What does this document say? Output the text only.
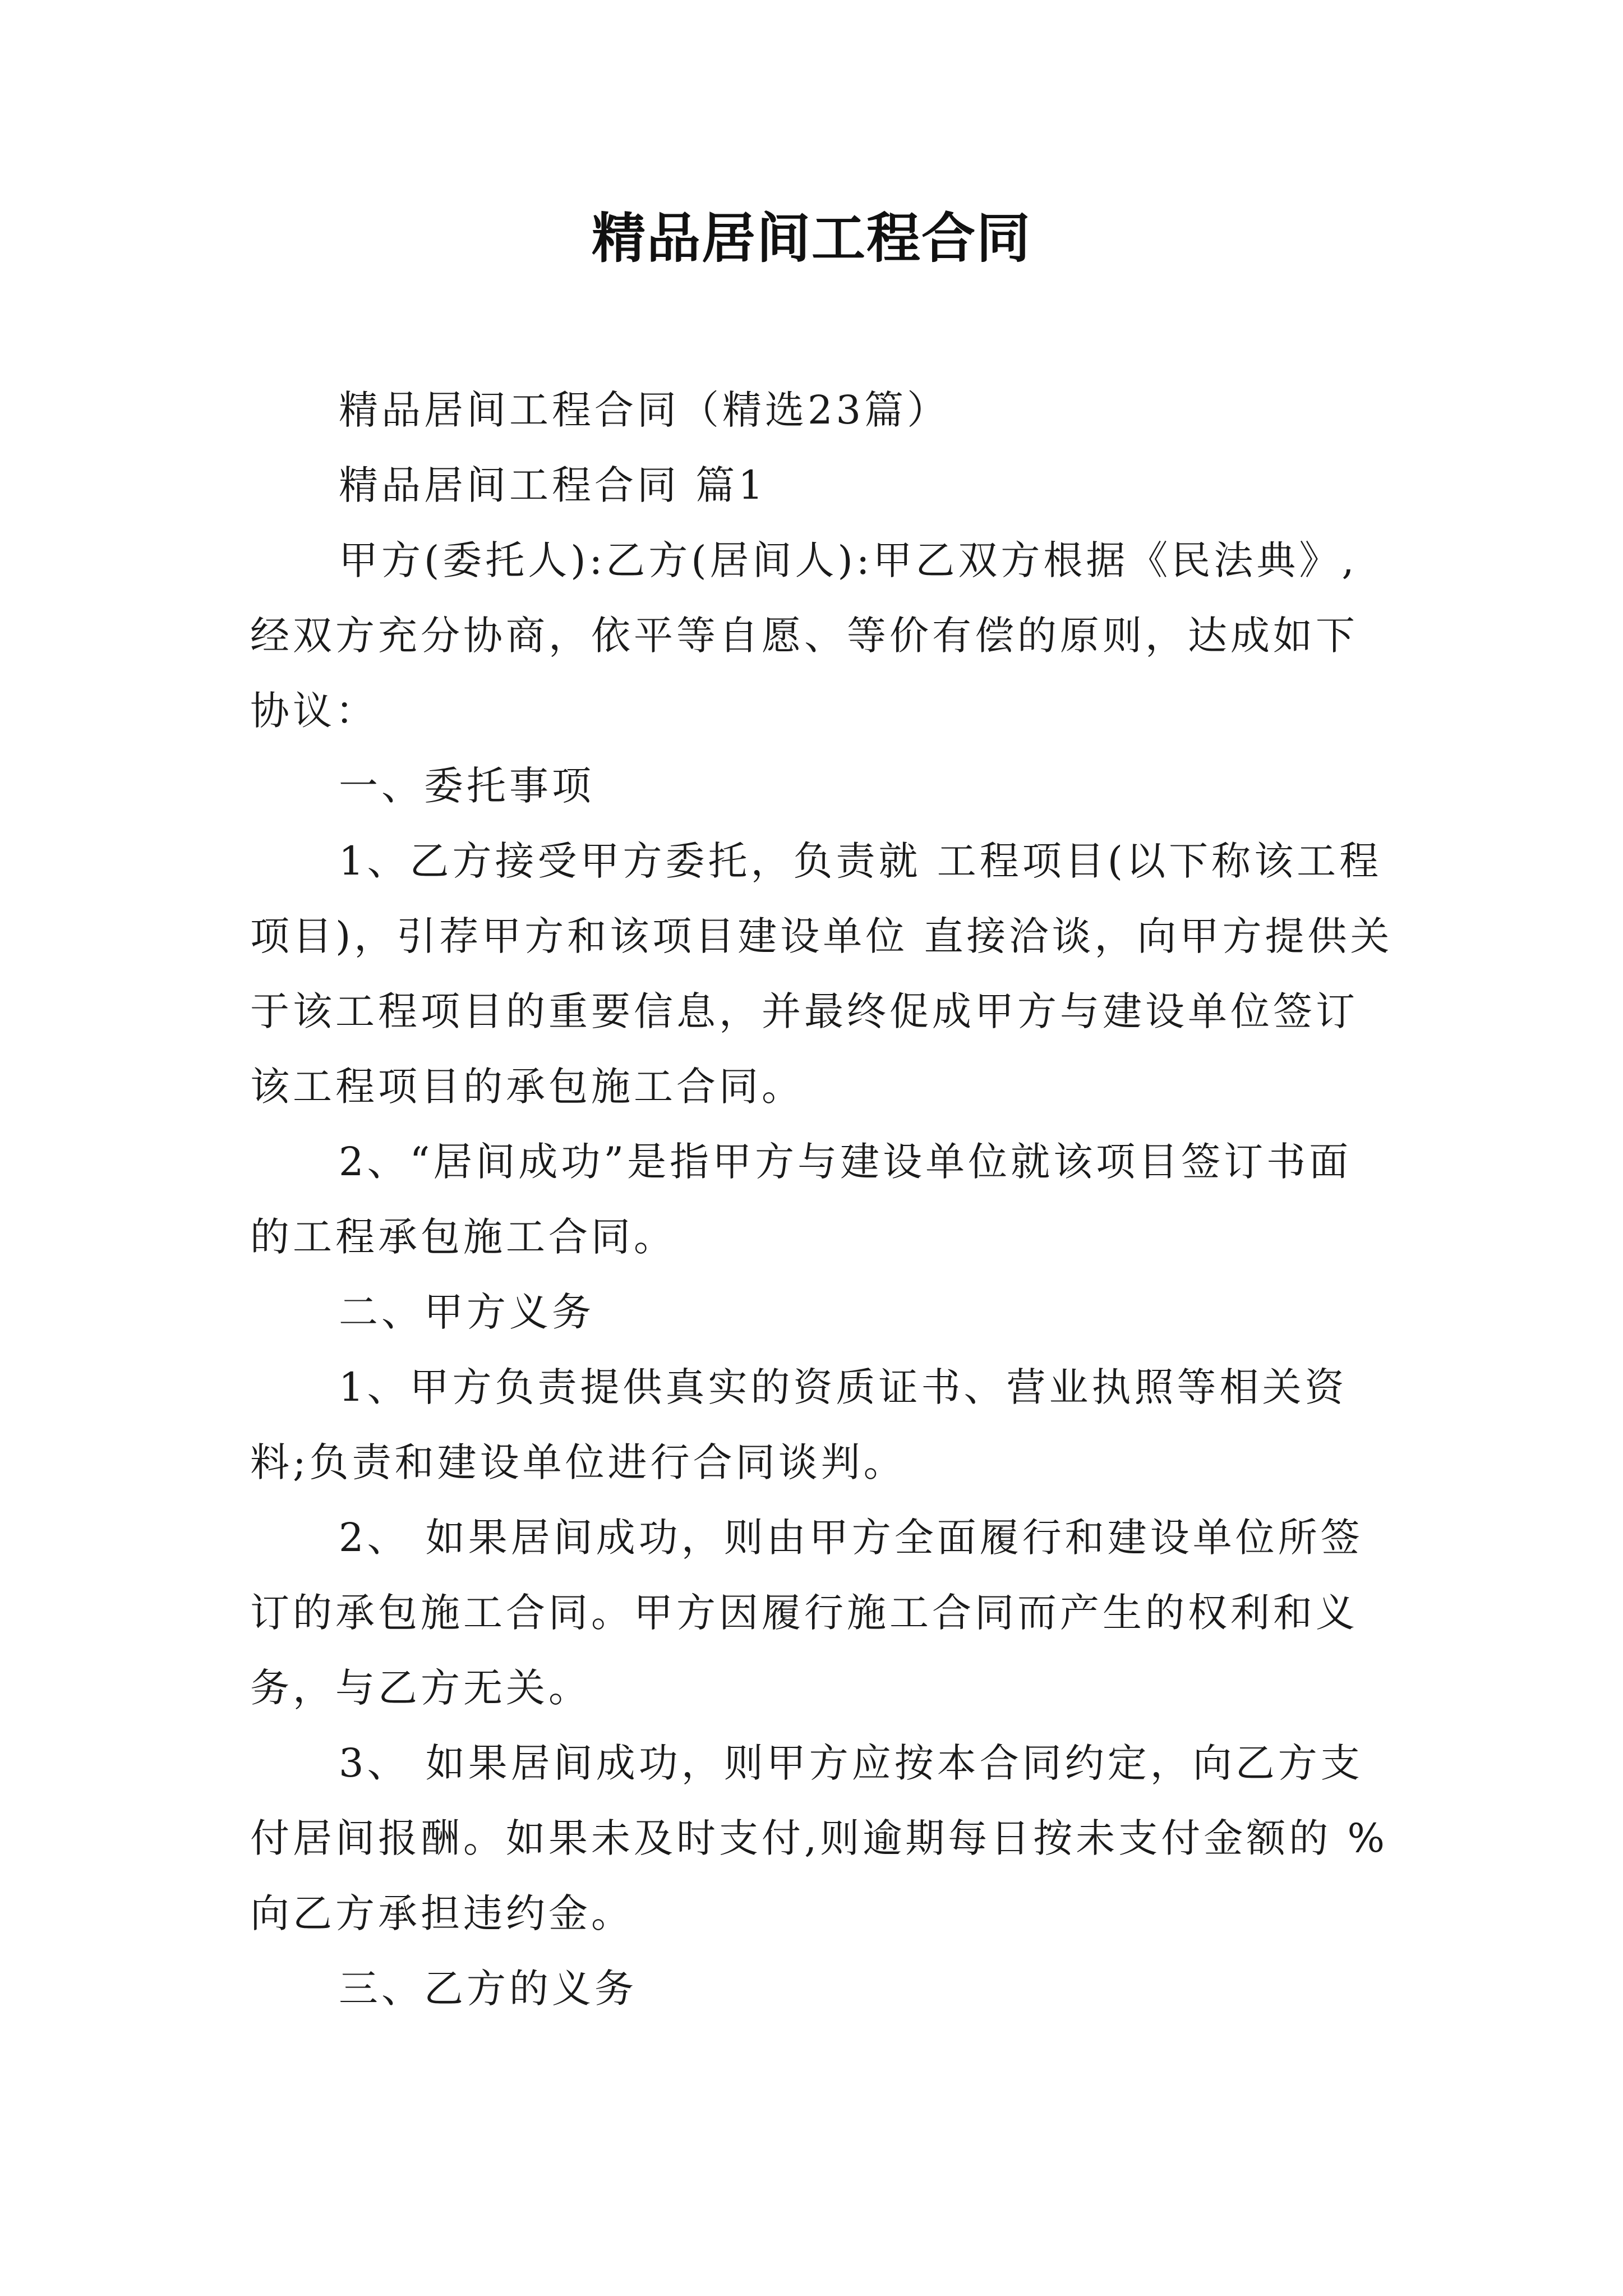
精品居间工程合同

精品居间工程合同（精选23篇）

精品居间工程合同 篇1

甲方(委托人):乙方(居间人):甲乙双方根据《民法典》,经双方充分协商，依平等自愿、等价有偿的原则，达成如下协议：

一、委托事项

1、乙方接受甲方委托，负责就 工程项目(以下称该工程项目)，引荐甲方和该项目建设单位 直接洽谈，向甲方提供关于该工程项目的重要信息，并最终促成甲方与建设单位签订该工程项目的承包施工合同。

2、“居间成功”是指甲方与建设单位就该项目签订书面的工程承包施工合同。

二、甲方义务

1、甲方负责提供真实的资质证书、营业执照等相关资料;负责和建设单位进行合同谈判。

2、 如果居间成功，则由甲方全面履行和建设单位所签订的承包施工合同。甲方因履行施工合同而产生的权利和义务，与乙方无关。

3、 如果居间成功，则甲方应按本合同约定，向乙方支付居间报酬。如果未及时支付,则逾期每日按未支付金额的 %向乙方承担违约金。

三、乙方的义务
